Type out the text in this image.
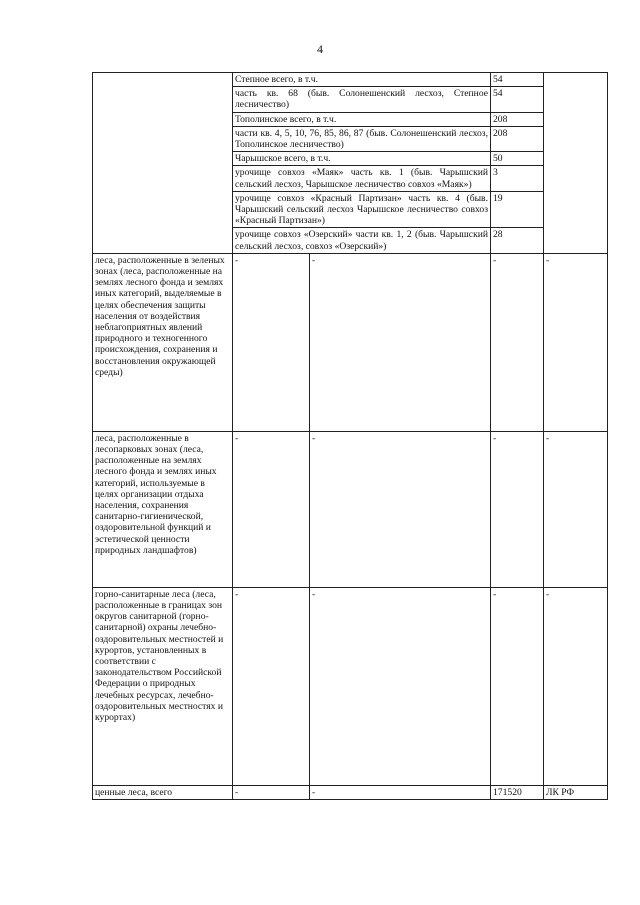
4
	Степное всего, в т.ч.		54	
	часть кв. 68 (быв. Солонешенский лесхоз, Степное лесничество)		54	
	Тополинское всего, в т.ч.		208	
	части кв. 4, 5, 10, 76, 85, 86, 87 (быв. Солонешенский лесхоз, Тополинское лесничество)		208	
	Чарышское всего, в т.ч.		50	
	урочище совхоз «Маяк» часть кв. 1 (быв. Чарышский сельский лесхоз, Чарышское лесничество совхоз «Маяк»)		3	
	урочище совхоз «Красный Партизан» часть кв. 4 (быв. Чарышский сельский лесхоз Чарышское лесничество совхоз «Красный Партизан»)		19	
	урочище совхоз «Озерский» части кв. 1, 2 (быв. Чарышский сельский лесхоз, совхоз «Озерский»)		28	
леса, расположенные в зеленых зонах (леса, расположенные на землях лесного фонда и землях иных категорий, выделяемые в целях обеспечения защиты населения от воздействия неблагоприятных явлений природного и техногенного происхождения, сохранения и восстановления окружающей среды)	-	-		-	-
леса, расположенные в лесопарковых зонах (леса, расположенные на землях лесного фонда и землях иных категорий, используемые в целях организации отдыха населения, сохранения санитарно-гигиенической, оздоровительной функций и эстетической ценности природных ландшафтов)	-	-		-	-
горно-санитарные леса (леса, расположенные в границах зон округов санитарной (горно-санитарной) охраны лечебно-оздоровительных местностей и курортов, установленных в соответствии с законодательством Российской Федерации о природных лечебных ресурсах, лечебно-оздоровительных местностях и курортах)	-	-		-	-
ценные леса, всего	-	-		171520	ЛК РФ
